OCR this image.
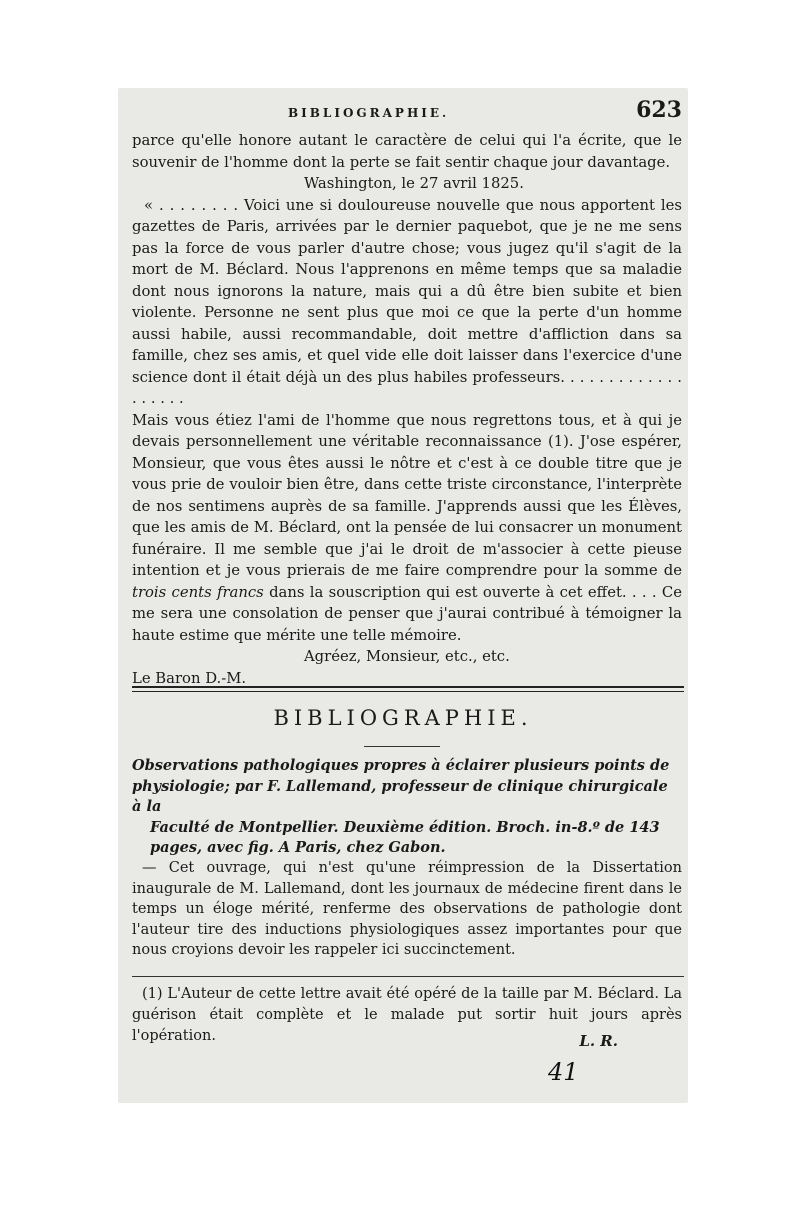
BIBLIOGRAPHIE.	623

parce qu'elle honore autant le caractère de celui qui l'a écrite, que le souvenir de l'homme dont la perte se fait sentir chaque jour davantage.

Washington, le 27 avril 1825.

« . . . . . . . . Voici une si douloureuse nouvelle que nous apportent les gazettes de Paris, arrivées par le dernier paquebot, que je ne me sens pas la force de vous parler d'autre chose; vous jugez qu'il s'agit de la mort de M. Béclard. Nous l'apprenons en même temps que sa maladie dont nous ignorons la nature, mais qui a dû être bien subite et bien violente. Personne ne sent plus que moi ce que la perte d'un homme aussi habile, aussi recommandable, doit mettre d'affliction dans sa famille, chez ses amis, et quel vide elle doit laisser dans l'exercice d'une science dont il était déjà un des plus habiles professeurs. . . . . . . . . . . . . . . . . . .

Mais vous étiez l'ami de l'homme que nous regrettons tous, et à qui je devais personnellement une véritable reconnaissance (1). J'ose espérer, Monsieur, que vous êtes aussi le nôtre et c'est à ce double titre que je vous prie de vouloir bien être, dans cette triste circonstance, l'interprète de nos sentimens auprès de sa famille. J'apprends aussi que les Élèves, que les amis de M. Béclard, ont la pensée de lui consacrer un monument funéraire. Il me semble que j'ai le droit de m'associer à cette pieuse intention et je vous prierais de me faire comprendre pour la somme de trois cents francs dans la souscription qui est ouverte à cet effet. . . . Ce me sera une consolation de penser que j'aurai contribué à témoigner la haute estime que mérite une telle mémoire.

Agréez, Monsieur, etc., etc.

Le Baron D.-M.

BIBLIOGRAPHIE.
Observations pathologiques propres à éclairer plusieurs points de physiologie; par F. Lallemand, professeur de clinique chirurgicale à la
Faculté de Montpellier. Deuxième édition. Broch. in-8.º de 143 pages, avec fig. A Paris, chez Gabon.

— Cet ouvrage, qui n'est qu'une réimpression de la Dissertation inaugurale de M. Lallemand, dont les journaux de médecine firent dans le temps un éloge mérité, renferme des observations de pathologie dont l'auteur tire des inductions physiologiques assez importantes pour que nous croyions devoir les rappeler ici succinctement.

(1) L'Auteur de cette lettre avait été opéré de la taille par M. Béclard. La guérison était complète et le malade put sortir huit jours après l'opération.	L. R.
41
